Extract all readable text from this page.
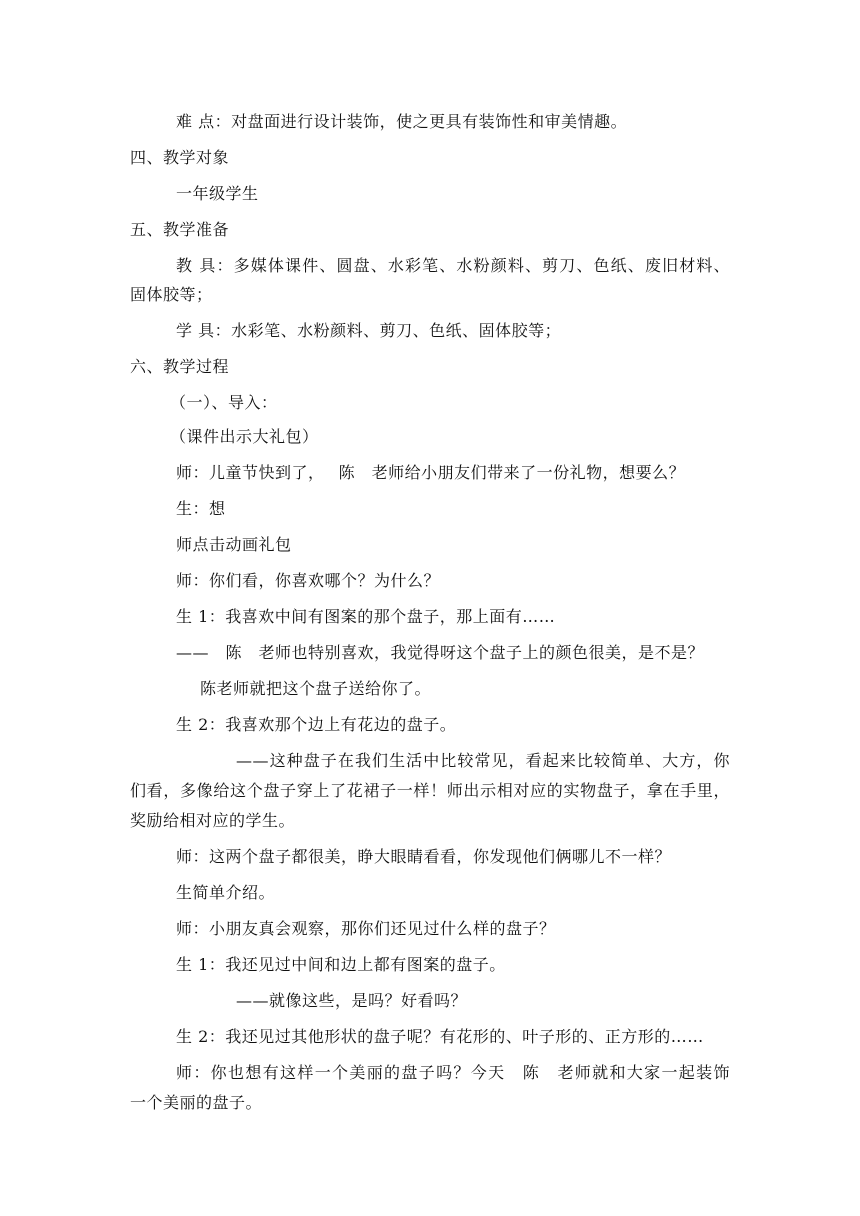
难 点：对盘面进行设计装饰，使之更具有装饰性和审美情趣。
四、教学对象
一年级学生
五、教学准备
教 具：多媒体课件、圆盘、水彩笔、水粉颜料、剪刀、色纸、废旧材料、
固体胶等；
学 具：水彩笔、水粉颜料、剪刀、色纸、固体胶等；
六、教学过程
（一）、导入：
（课件出示大礼包）
师：儿童节快到了，　 陈　老师给小朋友们带来了一份礼物，想要么？
生：想
师点击动画礼包
师：你们看，你喜欢哪个？为什么？
生 1：我喜欢中间有图案的那个盘子，那上面有……
——　陈　老师也特别喜欢，我觉得呀这个盘子上的颜色很美，是不是？
陈老师就把这个盘子送给你了。
生 2：我喜欢那个边上有花边的盘子。
——这种盘子在我们生活中比较常见，看起来比较简单、大方，你
们看，多像给这个盘子穿上了花裙子一样！师出示相对应的实物盘子，拿在手里，
奖励给相对应的学生。
师：这两个盘子都很美，睁大眼睛看看，你发现他们俩哪儿不一样？
生简单介绍。
师：小朋友真会观察，那你们还见过什么样的盘子？
生 1：我还见过中间和边上都有图案的盘子。
——就像这些，是吗？好看吗？
生 2：我还见过其他形状的盘子呢？有花形的、叶子形的、正方形的……
师：你也想有这样一个美丽的盘子吗？今天　陈　老师就和大家一起装饰
一个美丽的盘子。
